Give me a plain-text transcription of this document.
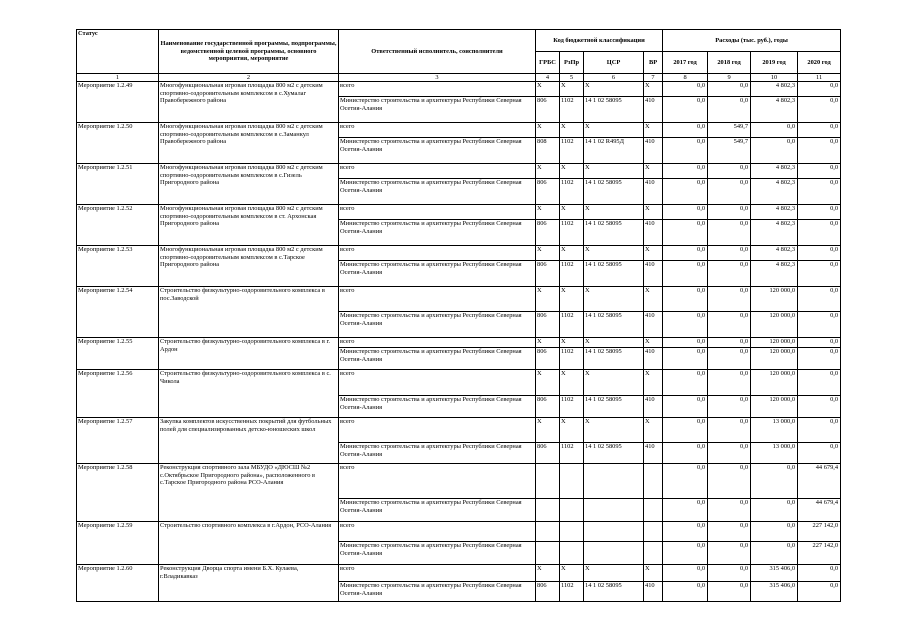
Статус	Наименование государственной программы, подпрограммы, ведомственной целевой программы, основного мероприятия, мероприятие	Ответственный исполнитель, соисполнители	Код бюджетной классификации				Расходы (тыс. руб.), годы			
			ГРБС	РзПр	ЦСР	ВР	2017 год	2018 год	2019 год	2020 год
1	2	3	4	5	6	7	8	9	10	11
Мероприятие 1.2.49	Многофункциональная игровая площадка 800 м2 с детским спортивно-оздоровительным комплексом в с.Хумалаг Правобережного района	всего	X	X	X	X	0,0	0,0	4 802,3	0,0
		Министерство строительства и архитектуры Республики Северная Осетия-Алания	806	1102	14 1 02 58095	410	0,0	0,0	4 802,3	0,0
Мероприятие 1.2.50	Многофункциональная игровая площадка 800 м2 с детским спортивно-оздоровительным комплексом в с.Заманкул Правобережного района	всего	X	X	X	X	0,0	549,7	0,0	0,0
		Министерство строительства и архитектуры Республики Северная Осетия-Алания	808	1102	14 1 02 R495Д	410	0,0	549,7	0,0	0,0
Мероприятие 1.2.51	Многофункциональная игровая площадка 800 м2 с детским спортивно-оздоровительным комплексом в с.Гизель Пригородного района	всего	X	X	X	X	0,0	0,0	4 802,3	0,0
		Министерство строительства и архитектуры Республики Северная Осетия-Алания	806	1102	14 1 02 58095	410	0,0	0,0	4 802,3	0,0
Мероприятие 1.2.52	Многофункциональная игровая площадка 800 м2 с детским спортивно-оздоровительным комплексом в ст. Архонская Пригородного района	всего	X	X	X	X	0,0	0,0	4 802,3	0,0
		Министерство строительства и архитектуры Республики Северная Осетия-Алания	806	1102	14 1 02 58095	410	0,0	0,0	4 802,3	0,0
Мероприятие 1.2.53	Многофункциональная игровая площадка 800 м2 с детским спортивно-оздоровительным комплексом в с.Тарское Пригородного района	всего	X	X	X	X	0,0	0,0	4 802,3	0,0
		Министерство строительства и архитектуры Республики Северная Осетия-Алания	806	1102	14 1 02 58095	410	0,0	0,0	4 802,3	0,0
Мероприятие 1.2.54	Строительство физкультурно-оздоровительного комплекса в пос.Заводской	всего	X	X	X	X	0,0	0,0	120 000,0	0,0
		Министерство строительства и архитектуры Республики Северная Осетия-Алания	806	1102	14 1 02 58095	410	0,0	0,0	120 000,0	0,0
Мероприятие 1.2.55	Строительство физкультурно-оздоровительного комплекса в г. Ардон	всего	X	X	X	X	0,0	0,0	120 000,0	0,0
		Министерство строительства и архитектуры Республики Северная Осетия-Алания	806	1102	14 1 02 58095	410	0,0	0,0	120 000,0	0,0
Мероприятие 1.2.56	Строительство физкультурно-оздоровительного комплекса в с. Чикола	всего	X	X	X	X	0,0	0,0	120 000,0	0,0
		Министерство строительства и архитектуры Республики Северная Осетия-Алания	806	1102	14 1 02 58095	410	0,0	0,0	120 000,0	0,0
Мероприятие 1.2.57	Закупка комплектов искусственных покрытий для футбольных полей для специализированных детско-юношеских школ	всего	X	X	X	X	0,0	0,0	13 000,0	0,0
		Министерство строительства и архитектуры Республики Северная Осетия-Алания	806	1102	14 1 02 58095	410	0,0	0,0	13 000,0	0,0
Мероприятие 1.2.58	Реконструкция спортивного зала МБУДО «ДЮСШ №2 с.Октябрьское Пригородного района», расположенного в с.Тарское Пригородного района РСО-Алания	всего					0,0	0,0	0,0	44 679,4
		Министерство строительства и архитектуры Республики Северная Осетия-Алания					0,0	0,0	0,0	44 679,4
Мероприятие 1.2.59	Строительство спортивного комплекса в г.Ардон, РСО-Алания	всего					0,0	0,0	0,0	227 142,0
		Министерство строительства и архитектуры Республики Северная Осетия-Алания					0,0	0,0	0,0	227 142,0
Мероприятие 1.2.60	Реконструкция Дворца спорта имени Б.Х. Кулаева, г.Владикавказ	всего	X	X	X	X	0,0	0,0	315 406,0	0,0
		Министерство строительства и архитектуры Республики Северная Осетия-Алания	806	1102	14 1 02 58095	410	0,0	0,0	315 406,0	0,0
